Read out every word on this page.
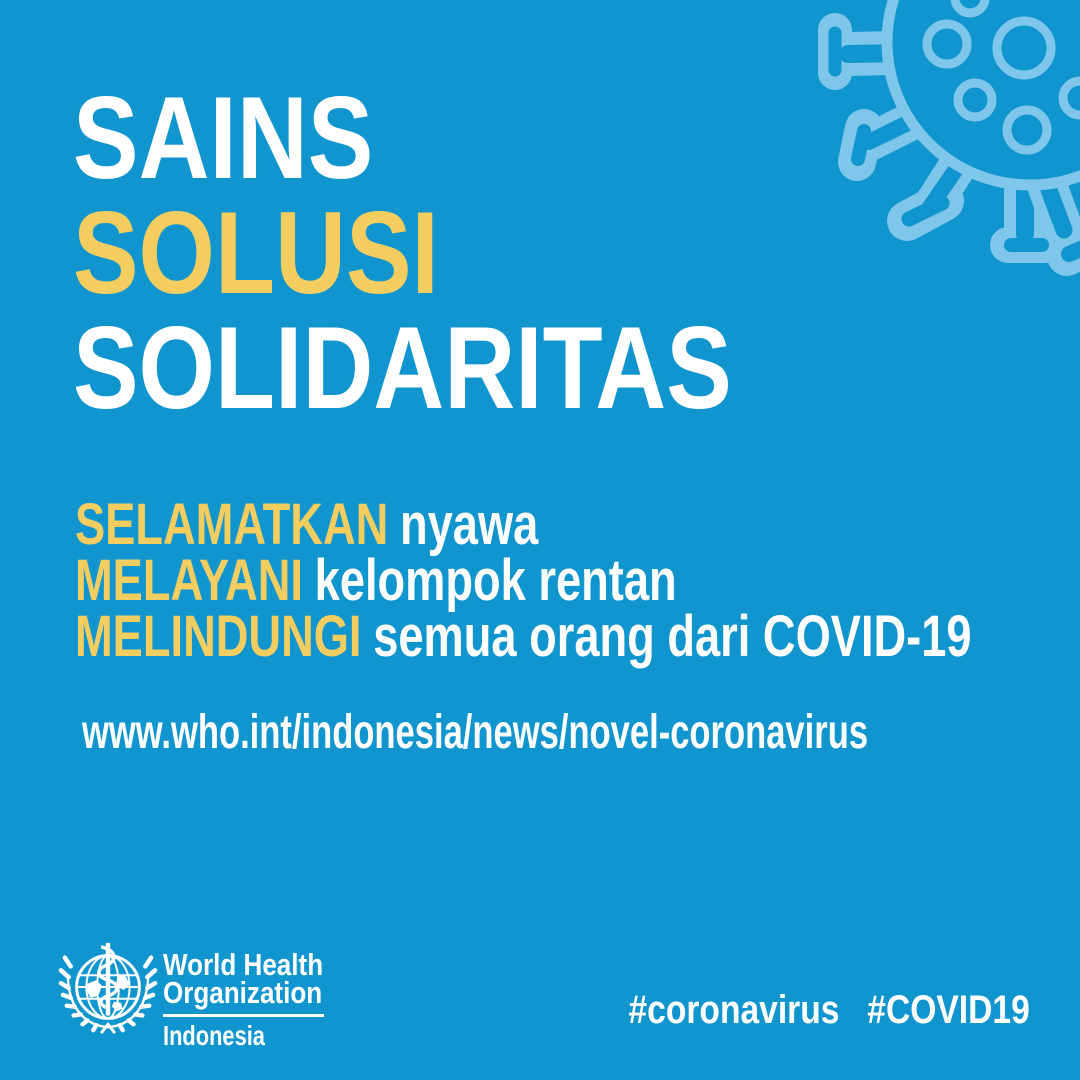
SAINS
SOLUSI
SOLIDARITAS
SELAMATKAN nyawa
MELAYANI kelompok rentan
MELINDUNGI semua orang dari COVID-19
www.who.int/indonesia/news/novel-coronavirus
#coronavirus #COVID19
World Health
Organization
Indonesia
